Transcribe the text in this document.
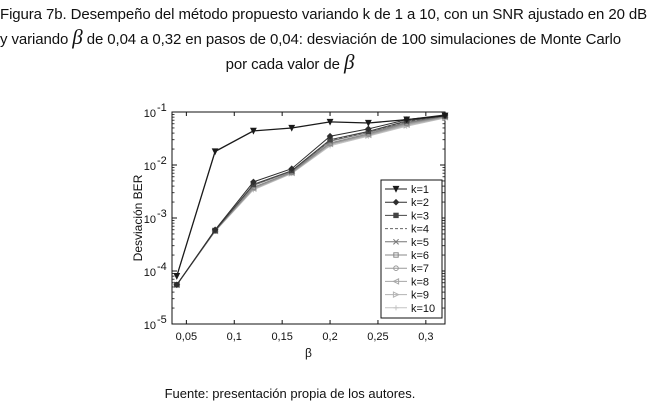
Figura 7b. Desempeño del método propuesto variando k de 1 a 10, con un SNR ajustado en 20 dB
y variando β de 0,04 a 0,32 en pasos de 0,04: desviación de 100 simulaciones de Monte Carlo
por cada valor de β
0,05	0,1	0,15	0,2	0,25	0,3
10 -5
10 -4
10 -3
10 -2
10 -1
k=1
k=2
k=3
k=4
k=5
k=6
k=7
k=8
k=9
k=10
β
Desviación BER
Fuente: presentación propia de los autores.
